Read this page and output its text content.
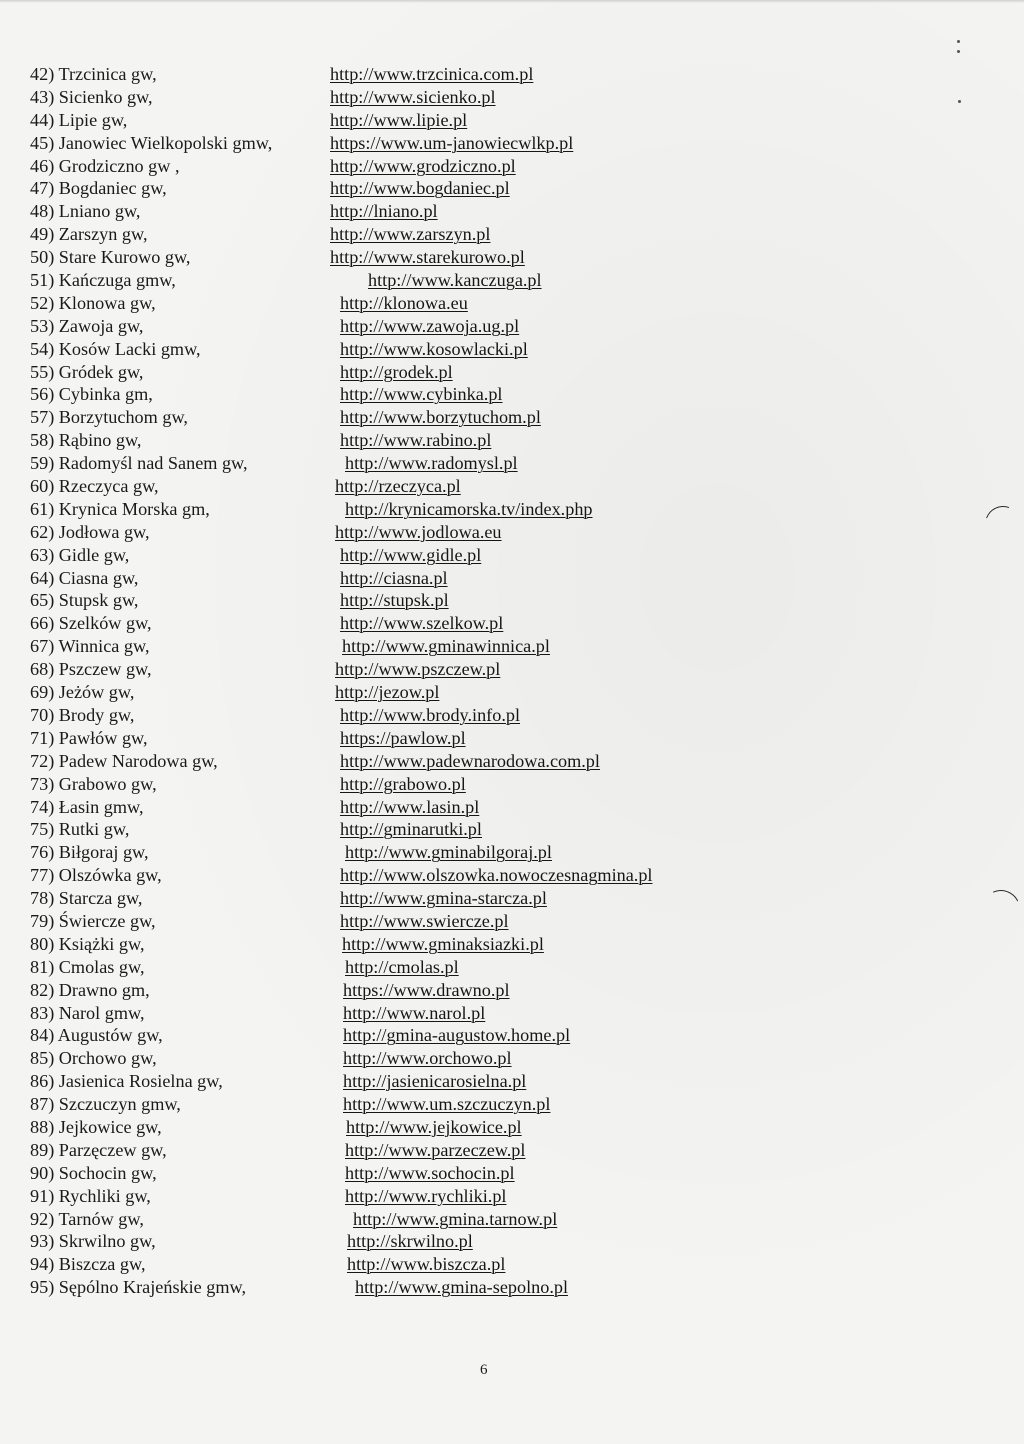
42) Trzcinica gw,	http://www.trzcinica.com.pl
43) Sicienko gw,	http://www.sicienko.pl
44) Lipie gw,	http://www.lipie.pl
45) Janowiec Wielkopolski gmw,	https://www.um-janowiecwlkp.pl
46) Grodziczno gw ,	http://www.grodziczno.pl
47) Bogdaniec gw,	http://www.bogdaniec.pl
48) Lniano gw,	http://lniano.pl
49) Zarszyn gw,	http://www.zarszyn.pl
50) Stare Kurowo gw,	http://www.starekurowo.pl
51) Kańczuga gmw,	http://www.kanczuga.pl
52) Klonowa gw,	http://klonowa.eu
53) Zawoja gw,	http://www.zawoja.ug.pl
54) Kosów Lacki gmw,	http://www.kosowlacki.pl
55) Gródek gw,	http://grodek.pl
56) Cybinka gm,	http://www.cybinka.pl
57) Borzytuchom gw,	http://www.borzytuchom.pl
58) Rąbino gw,	http://www.rabino.pl
59) Radomyśl nad Sanem gw,	http://www.radomysl.pl
60) Rzeczyca gw,	http://rzeczyca.pl
61) Krynica Morska gm,	http://krynicamorska.tv/index.php
62) Jodłowa gw,	http://www.jodlowa.eu
63) Gidle gw,	http://www.gidle.pl
64) Ciasna gw,	http://ciasna.pl
65) Stupsk gw,	http://stupsk.pl
66) Szelków gw,	http://www.szelkow.pl
67) Winnica gw,	http://www.gminawinnica.pl
68) Pszczew gw,	http://www.pszczew.pl
69) Jeżów gw,	http://jezow.pl
70) Brody gw,	http://www.brody.info.pl
71) Pawłów gw,	https://pawlow.pl
72) Padew Narodowa gw,	http://www.padewnarodowa.com.pl
73) Grabowo gw,	http://grabowo.pl
74) Łasin gmw,	http://www.lasin.pl
75) Rutki gw,	http://gminarutki.pl
76) Biłgoraj gw,	http://www.gminabilgoraj.pl
77) Olszówka gw,	http://www.olszowka.nowoczesnagmina.pl
78) Starcza gw,	http://www.gmina-starcza.pl
79) Świercze gw,	http://www.swiercze.pl
80) Książki gw,	http://www.gminaksiazki.pl
81) Cmolas gw,	http://cmolas.pl
82) Drawno gm,	https://www.drawno.pl
83) Narol gmw,	http://www.narol.pl
84) Augustów gw,	http://gmina-augustow.home.pl
85) Orchowo gw,	http://www.orchowo.pl
86) Jasienica Rosielna gw,	http://jasienicarosielna.pl
87) Szczuczyn gmw,	http://www.um.szczuczyn.pl
88) Jejkowice gw,	http://www.jejkowice.pl
89) Parzęczew gw,	http://www.parzeczew.pl
90) Sochocin gw,	http://www.sochocin.pl
91) Rychliki gw,	http://www.rychliki.pl
92) Tarnów gw,	http://www.gmina.tarnow.pl
93) Skrwilno gw,	http://skrwilno.pl
94) Biszcza gw,	http://www.biszcza.pl
95) Sępólno Krajeńskie gmw,	http://www.gmina-sepolno.pl
6
